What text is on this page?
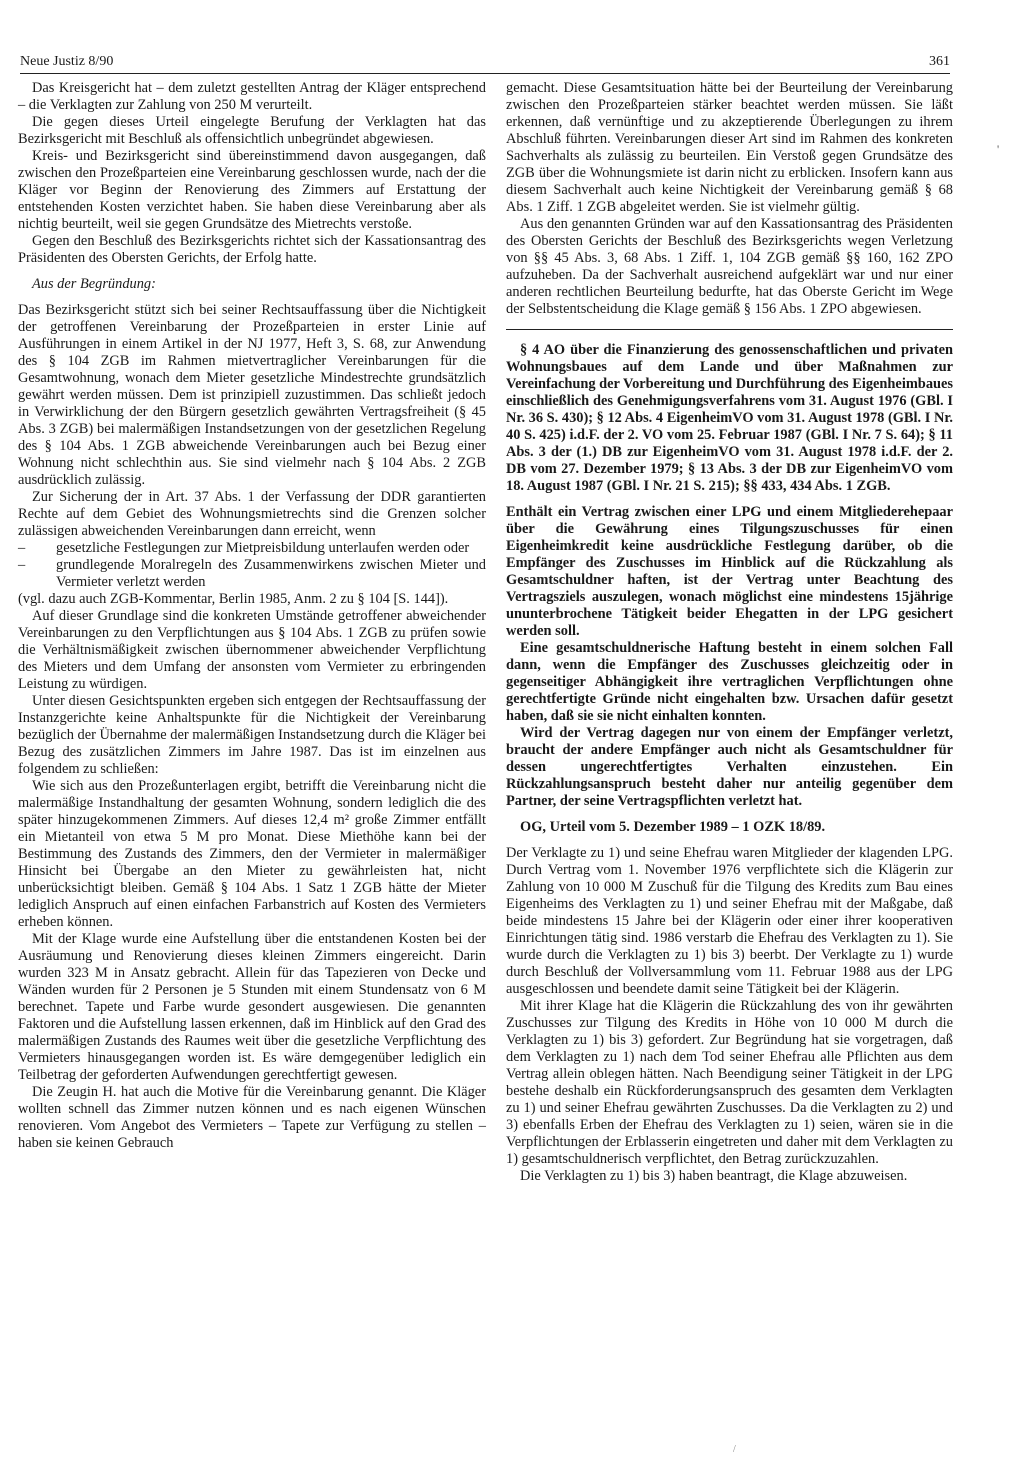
Neue Justiz 8/90	361

Das Kreisgericht hat – dem zuletzt gestellten Antrag der Kläger entsprechend – die Verklagten zur Zahlung von 250 M verurteilt.

Die gegen dieses Urteil eingelegte Berufung der Verklagten hat das Bezirksgericht mit Beschluß als offensichtlich unbegründet abgewiesen.

Kreis- und Bezirksgericht sind übereinstimmend davon ausgegangen, daß zwischen den Prozeßparteien eine Vereinbarung geschlossen wurde, nach der die Kläger vor Beginn der Renovierung des Zimmers auf Erstattung der entstehenden Kosten verzichtet haben. Sie haben diese Vereinbarung aber als nichtig beurteilt, weil sie gegen Grundsätze des Mietrechts verstoße.

Gegen den Beschluß des Bezirksgerichts richtet sich der Kassationsantrag des Präsidenten des Obersten Gerichts, der Erfolg hatte.

Aus der Begründung:

Das Bezirksgericht stützt sich bei seiner Rechtsauffassung über die Nichtigkeit der getroffenen Vereinbarung der Prozeßparteien in erster Linie auf Ausführungen in einem Artikel in der NJ 1977, Heft 3, S. 68, zur Anwendung des § 104 ZGB im Rahmen mietvertraglicher Vereinbarungen für die Gesamtwohnung, wonach dem Mieter gesetzliche Mindestrechte grundsätzlich gewährt werden müssen. Dem ist prinzipiell zuzustimmen. Das schließt jedoch in Verwirklichung der den Bürgern gesetzlich gewährten Vertragsfreiheit (§ 45 Abs. 3 ZGB) bei malermäßigen Instandsetzungen von der gesetzlichen Regelung des § 104 Abs. 1 ZGB abweichende Vereinbarungen auch bei Bezug einer Wohnung nicht schlechthin aus. Sie sind vielmehr nach § 104 Abs. 2 ZGB ausdrücklich zulässig.

Zur Sicherung der in Art. 37 Abs. 1 der Verfassung der DDR garantierten Rechte auf dem Gebiet des Wohnungsmietrechts sind die Grenzen solcher zulässigen abweichenden Vereinbarungen dann erreicht, wenn

– gesetzliche Festlegungen zur Mietpreisbildung unterlaufen werden oder
– grundlegende Moralregeln des Zusammenwirkens zwischen Mieter und Vermieter verletzt werden

(vgl. dazu auch ZGB-Kommentar, Berlin 1985, Anm. 2 zu § 104 [S. 144]).

Auf dieser Grundlage sind die konkreten Umstände getroffener abweichender Vereinbarungen zu den Verpflichtungen aus § 104 Abs. 1 ZGB zu prüfen sowie die Verhältnismäßigkeit zwischen übernommener abweichender Verpflichtung des Mieters und dem Umfang der ansonsten vom Vermieter zu erbringenden Leistung zu würdigen.

Unter diesen Gesichtspunkten ergeben sich entgegen der Rechtsauffassung der Instanzgerichte keine Anhaltspunkte für die Nichtigkeit der Vereinbarung bezüglich der Übernahme der malermäßigen Instandsetzung durch die Kläger bei Bezug des zusätzlichen Zimmers im Jahre 1987. Das ist im einzelnen aus folgendem zu schließen:

Wie sich aus den Prozeßunterlagen ergibt, betrifft die Vereinbarung nicht die malermäßige Instandhaltung der gesamten Wohnung, sondern lediglich die des später hinzugekommenen Zimmers. Auf dieses 12,4 m² große Zimmer entfällt ein Mietanteil von etwa 5 M pro Monat. Diese Miethöhe kann bei der Bestimmung des Zustands des Zimmers, den der Vermieter in malermäßiger Hinsicht bei Übergabe an den Mieter zu gewährleisten hat, nicht unberücksichtigt bleiben. Gemäß § 104 Abs. 1 Satz 1 ZGB hätte der Mieter lediglich Anspruch auf einen einfachen Farbanstrich auf Kosten des Vermieters erheben können.

Mit der Klage wurde eine Aufstellung über die entstandenen Kosten bei der Ausräumung und Renovierung dieses kleinen Zimmers eingereicht. Darin wurden 323 M in Ansatz gebracht. Allein für das Tapezieren von Decke und Wänden wurden für 2 Personen je 5 Stunden mit einem Stundensatz von 6 M berechnet. Tapete und Farbe wurde gesondert ausgewiesen. Die genannten Faktoren und die Aufstellung lassen erkennen, daß im Hinblick auf den Grad des malermäßigen Zustands des Raumes weit über die gesetzliche Verpflichtung des Vermieters hinausgegangen worden ist. Es wäre demgegenüber lediglich ein Teilbetrag der geforderten Aufwendungen gerechtfertigt gewesen.

Die Zeugin H. hat auch die Motive für die Vereinbarung genannt. Die Kläger wollten schnell das Zimmer nutzen können und es nach eigenen Wünschen renovieren. Vom Angebot des Vermieters – Tapete zur Verfügung zu stellen – haben sie keinen Gebrauch

gemacht. Diese Gesamtsituation hätte bei der Beurteilung der Vereinbarung zwischen den Prozeßparteien stärker beachtet werden müssen. Sie läßt erkennen, daß vernünftige und zu akzeptierende Überlegungen zu ihrem Abschluß führten. Vereinbarungen dieser Art sind im Rahmen des konkreten Sachverhalts als zulässig zu beurteilen. Ein Verstoß gegen Grundsätze des ZGB über die Wohnungsmiete ist darin nicht zu erblicken. Insofern kann aus diesem Sachverhalt auch keine Nichtigkeit der Vereinbarung gemäß § 68 Abs. 1 Ziff. 1 ZGB abgeleitet werden. Sie ist vielmehr gültig.

Aus den genannten Gründen war auf den Kassationsantrag des Präsidenten des Obersten Gerichts der Beschluß des Bezirksgerichts wegen Verletzung von §§ 45 Abs. 3, 68 Abs. 1 Ziff. 1, 104 ZGB gemäß §§ 160, 162 ZPO aufzuheben. Da der Sachverhalt ausreichend aufgeklärt war und nur einer anderen rechtlichen Beurteilung bedurfte, hat das Oberste Gericht im Wege der Selbstentscheidung die Klage gemäß § 156 Abs. 1 ZPO abgewiesen.

§ 4 AO über die Finanzierung des genossenschaftlichen und privaten Wohnungsbaues auf dem Lande und über Maßnahmen zur Vereinfachung der Vorbereitung und Durchführung des Eigenheimbaues einschließlich des Genehmigungsverfahrens vom 31. August 1976 (GBl. I Nr. 36 S. 430); § 12 Abs. 4 EigenheimVO vom 31. August 1978 (GBl. I Nr. 40 S. 425) i.d.F. der 2. VO vom 25. Februar 1987 (GBl. I Nr. 7 S. 64); § 11 Abs. 3 der (1.) DB zur EigenheimVO vom 31. August 1978 i.d.F. der 2. DB vom 27. Dezember 1979; § 13 Abs. 3 der DB zur EigenheimVO vom 18. August 1987 (GBl. I Nr. 21 S. 215); §§ 433, 434 Abs. 1 ZGB.

Enthält ein Vertrag zwischen einer LPG und einem Mitgliederehepaar über die Gewährung eines Tilgungszuschusses für einen Eigenheimkredit keine ausdrückliche Festlegung darüber, ob die Empfänger des Zuschusses im Hinblick auf die Rückzahlung als Gesamtschuldner haften, ist der Vertrag unter Beachtung des Vertragsziels auszulegen, wonach möglichst eine mindestens 15jährige ununterbrochene Tätigkeit beider Ehegatten in der LPG gesichert werden soll.

Eine gesamtschuldnerische Haftung besteht in einem solchen Fall dann, wenn die Empfänger des Zuschusses gleichzeitig oder in gegenseitiger Abhängigkeit ihre vertraglichen Verpflichtungen ohne gerechtfertigte Gründe nicht eingehalten bzw. Ursachen dafür gesetzt haben, daß sie sie nicht einhalten konnten.

Wird der Vertrag dagegen nur von einem der Empfänger verletzt, braucht der andere Empfänger auch nicht als Gesamtschuldner für dessen ungerechtfertigtes Verhalten einzustehen. Ein Rückzahlungsanspruch besteht daher nur anteilig gegenüber dem Partner, der seine Vertragspflichten verletzt hat.

OG, Urteil vom 5. Dezember 1989 – 1 OZK 18/89.

Der Verklagte zu 1) und seine Ehefrau waren Mitglieder der klagenden LPG. Durch Vertrag vom 1. November 1976 verpflichtete sich die Klägerin zur Zahlung von 10 000 M Zuschuß für die Tilgung des Kredits zum Bau eines Eigenheims des Verklagten zu 1) und seiner Ehefrau mit der Maßgabe, daß beide mindestens 15 Jahre bei der Klägerin oder einer ihrer kooperativen Einrichtungen tätig sind. 1986 verstarb die Ehefrau des Verklagten zu 1). Sie wurde durch die Verklagten zu 1) bis 3) beerbt. Der Verklagte zu 1) wurde durch Beschluß der Vollversammlung vom 11. Februar 1988 aus der LPG ausgeschlossen und beendete damit seine Tätigkeit bei der Klägerin.

Mit ihrer Klage hat die Klägerin die Rückzahlung des von ihr gewährten Zuschusses zur Tilgung des Kredits in Höhe von 10 000 M durch die Verklagten zu 1) bis 3) gefordert. Zur Begründung hat sie vorgetragen, daß dem Verklagten zu 1) nach dem Tod seiner Ehefrau alle Pflichten aus dem Vertrag allein oblegen hätten. Nach Beendigung seiner Tätigkeit in der LPG bestehe deshalb ein Rückforderungsanspruch des gesamten dem Verklagten zu 1) und seiner Ehefrau gewährten Zuschusses. Da die Verklagten zu 2) und 3) ebenfalls Erben der Ehefrau des Verklagten zu 1) seien, wären sie in die Verpflichtungen der Erblasserin eingetreten und daher mit dem Verklagten zu 1) gesamtschuldnerisch verpflichtet, den Betrag zurückzuzahlen.

Die Verklagten zu 1) bis 3) haben beantragt, die Klage abzuweisen.

'
/
